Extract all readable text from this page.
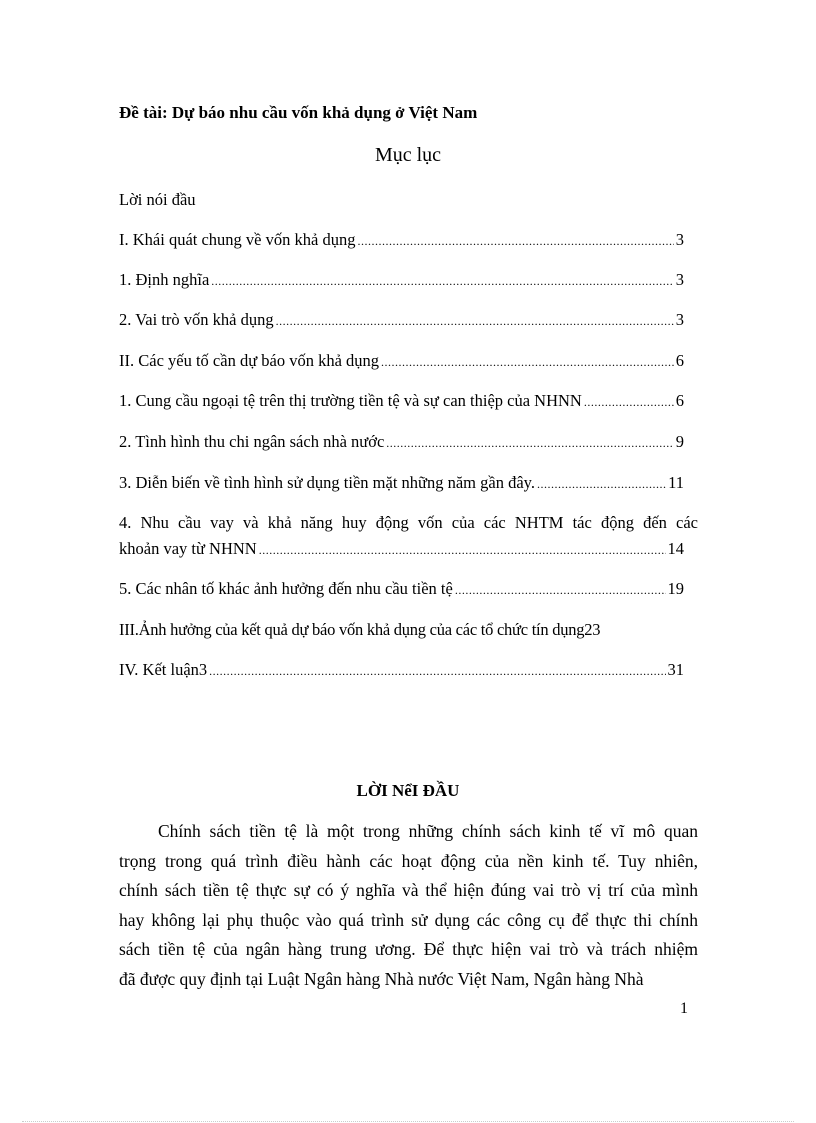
Đề tài: Dự báo nhu cầu vốn khả dụng ở Việt Nam
Mục lục
Lời nói đầu
I. Khái quát chung về vốn khả dụng .....	3
1. Định nghĩa .....	3
2. Vai trò vốn khả dụng .....	3
II. Các yếu tố cần dự báo vốn khả dụng .....	6
1. Cung cầu ngoại tệ trên thị trường tiền tệ và sự can thiệp của NHNN .....	6
2. Tình hình thu chi ngân sách nhà nước .....	9
3. Diễn biến về tình hình sử dụng tiền mặt những năm gần đây. .....	11
4. Nhu cầu vay và khả năng huy động vốn của các NHTM tác động đến các
khoản vay từ NHNN .....	14
5. Các nhân tố khác ảnh hưởng đến nhu cầu tiền tệ .....	19
III.Ảnh hưởng của kết quả dự báo vốn khả dụng của các tổ chức tín dụng 23
IV. Kết luận3 .....	31
LỜI NểI ĐẦU
Chính sách tiền tệ là một trong những chính sách kinh tế vĩ mô quan
trọng trong quá trình điều hành các hoạt động của nền kinh tế. Tuy nhiên,
chính sách tiền tệ thực sự có ý nghĩa và thể hiện đúng vai trò vị trí của mình
hay không lại phụ thuộc vào quá trình sử dụng các công cụ để thực thi chính
sách tiền tệ của ngân hàng trung ương. Để thực hiện vai trò và trách nhiệm
đã được quy định tại Luật Ngân hàng Nhà nước Việt Nam, Ngân hàng Nhà
1
